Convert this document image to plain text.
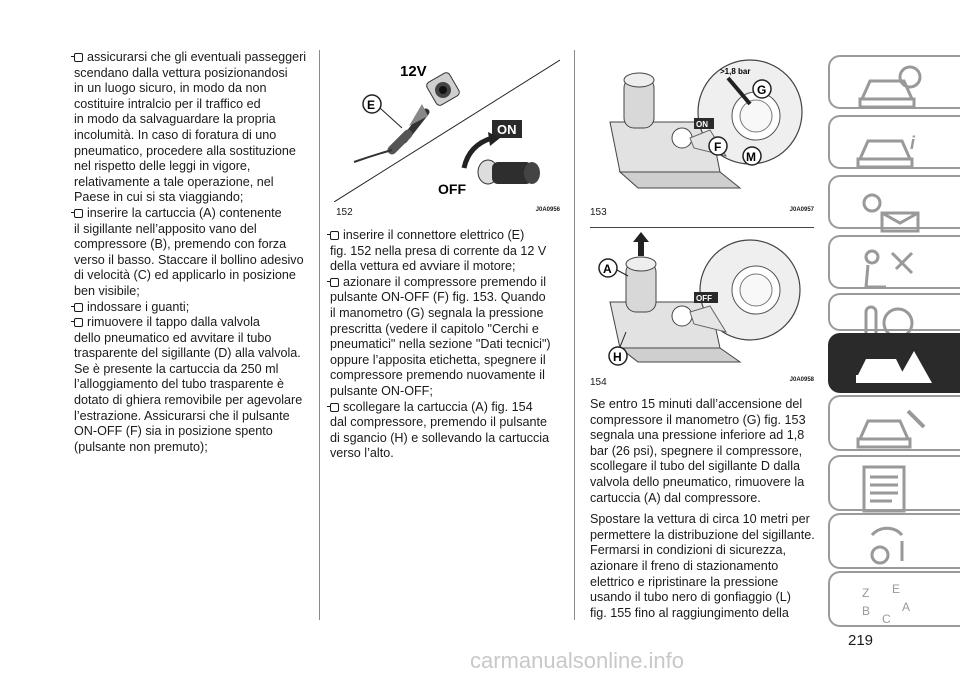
assicurarsi che gli eventuali passeggeri

scendano dalla vettura posizionandosi

in un luogo sicuro, in modo da non

costituire intralcio per il traffico ed

in modo da salvaguardare la propria

incolumità. In caso di foratura di uno

pneumatico, procedere alla sostituzione

nel rispetto delle leggi in vigore,

relativamente a tale operazione, nel

Paese in cui si sta viaggiando;

inserire la cartuccia (A) contenente

il sigillante nell’apposito vano del

compressore (B), premendo con forza

verso il basso. Staccare il bollino adesivo

di velocità (C) ed applicarlo in posizione

ben visibile;

indossare i guanti;

rimuovere il tappo dalla valvola

dello pneumatico ed avvitare il tubo

trasparente del sigillante (D) alla valvola.

Se è presente la cartuccia da 250 ml

l’alloggiamento del tubo trasparente è

dotato di ghiera removibile per agevolare

l’estrazione. Assicurarsi che il pulsante

ON-OFF (F) sia in posizione spento

(pulsante non premuto);

12V
E
ON
OFF
152	J0A0956

inserire il connettore elettrico (E)

fig. 152 nella presa di corrente da 12 V

della vettura ed avviare il motore;

azionare il compressore premendo il

pulsante ON-OFF (F) fig. 153. Quando

il manometro (G) segnala la pressione

prescritta (vedere il capitolo "Cerchi e

pneumatici" nella sezione "Dati tecnici")

oppure l’apposita etichetta, spegnere il

compressore premendo nuovamente il

pulsante ON-OFF;

scollegare la cartuccia (A) fig. 154

dal compressore, premendo il pulsante

di sgancio (H) e sollevando la cartuccia

verso l’alto.

>1,8 bar
ON
G
F
M
153	J0A0957
OFF
A
H
154	J0A0958

Se entro 15 minuti dall’accensione del

compressore il manometro (G) fig. 153

segnala una pressione inferiore ad 1,8

bar (26 psi), spegnere il compressore,

scollegare il tubo del sigillante D dalla

valvola dello pneumatico, rimuovere la

cartuccia (A) dal compressore.

Spostare la vettura di circa 10 metri per

permettere la distribuzione del sigillante.

Fermarsi in condizioni di sicurezza,

azionare il freno di stazionamento

elettrico e ripristinare la pressione

usando il tubo nero di gonfiaggio (L)

fig. 155 fino al raggiungimento della

i
Z E
B
C
A
219
carmanualsonline.info
